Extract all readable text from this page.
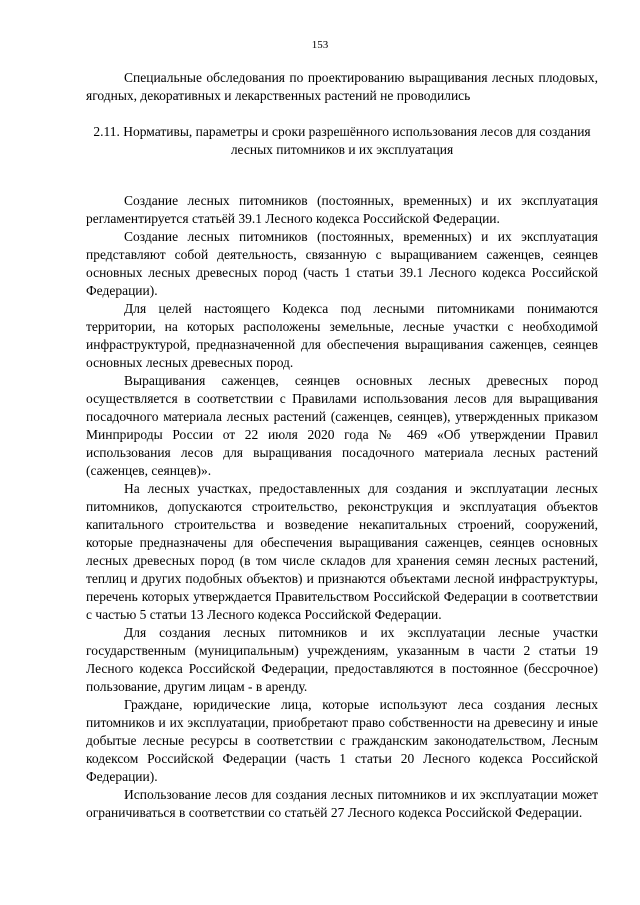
153

Специальные обследования по проектированию выращивания лесных плодовых, ягодных, декоративных и лекарственных растений не проводились

2.11. Нормативы, параметры и сроки разрешённого использования лесов для создания лесных питомников и их эксплуатация

Создание лесных питомников (постоянных, временных) и их эксплуатация регламентируется статьёй 39.1 Лесного кодекса Российской Федерации.

Создание лесных питомников (постоянных, временных) и их эксплуатация представляют собой деятельность, связанную с выращиванием саженцев, сеянцев основных лесных древесных пород (часть 1 статьи 39.1 Лесного кодекса Российской Федерации).

Для целей настоящего Кодекса под лесными питомниками понимаются территории, на которых расположены земельные, лесные участки с необходимой инфраструктурой, предназначенной для обеспечения выращивания саженцев, сеянцев основных лесных древесных пород.

Выращивания саженцев, сеянцев основных лесных древесных пород осуществляется в соответствии с Правилами использования лесов для выращивания посадочного материала лесных растений (саженцев, сеянцев), утвержденных приказом Минприроды России от 22 июля 2020 года № 469 «Об утверждении Правил использования лесов для выращивания посадочного материала лесных растений (саженцев, сеянцев)».

На лесных участках, предоставленных для создания и эксплуатации лесных питомников, допускаются строительство, реконструкция и эксплуатация объектов капитального строительства и возведение некапитальных строений, сооружений, которые предназначены для обеспечения выращивания саженцев, сеянцев основных лесных древесных пород (в том числе складов для хранения семян лесных растений, теплиц и других подобных объектов) и признаются объектами лесной инфраструктуры, перечень которых утверждается Правительством Российской Федерации в соответствии с частью 5 статьи 13 Лесного кодекса Российской Федерации.

Для создания лесных питомников и их эксплуатации лесные участки государственным (муниципальным) учреждениям, указанным в части 2 статьи 19 Лесного кодекса Российской Федерации, предоставляются в постоянное (бессрочное) пользование, другим лицам - в аренду.

Граждане, юридические лица, которые используют леса создания лесных питомников и их эксплуатации, приобретают право собственности на древесину и иные добытые лесные ресурсы в соответствии с гражданским законодательством, Лесным кодексом Российской Федерации (часть 1 статьи 20 Лесного кодекса Российской Федерации).

Использование лесов для создания лесных питомников и их эксплуатации может ограничиваться в соответствии со статьёй 27 Лесного кодекса Российской Федерации.
